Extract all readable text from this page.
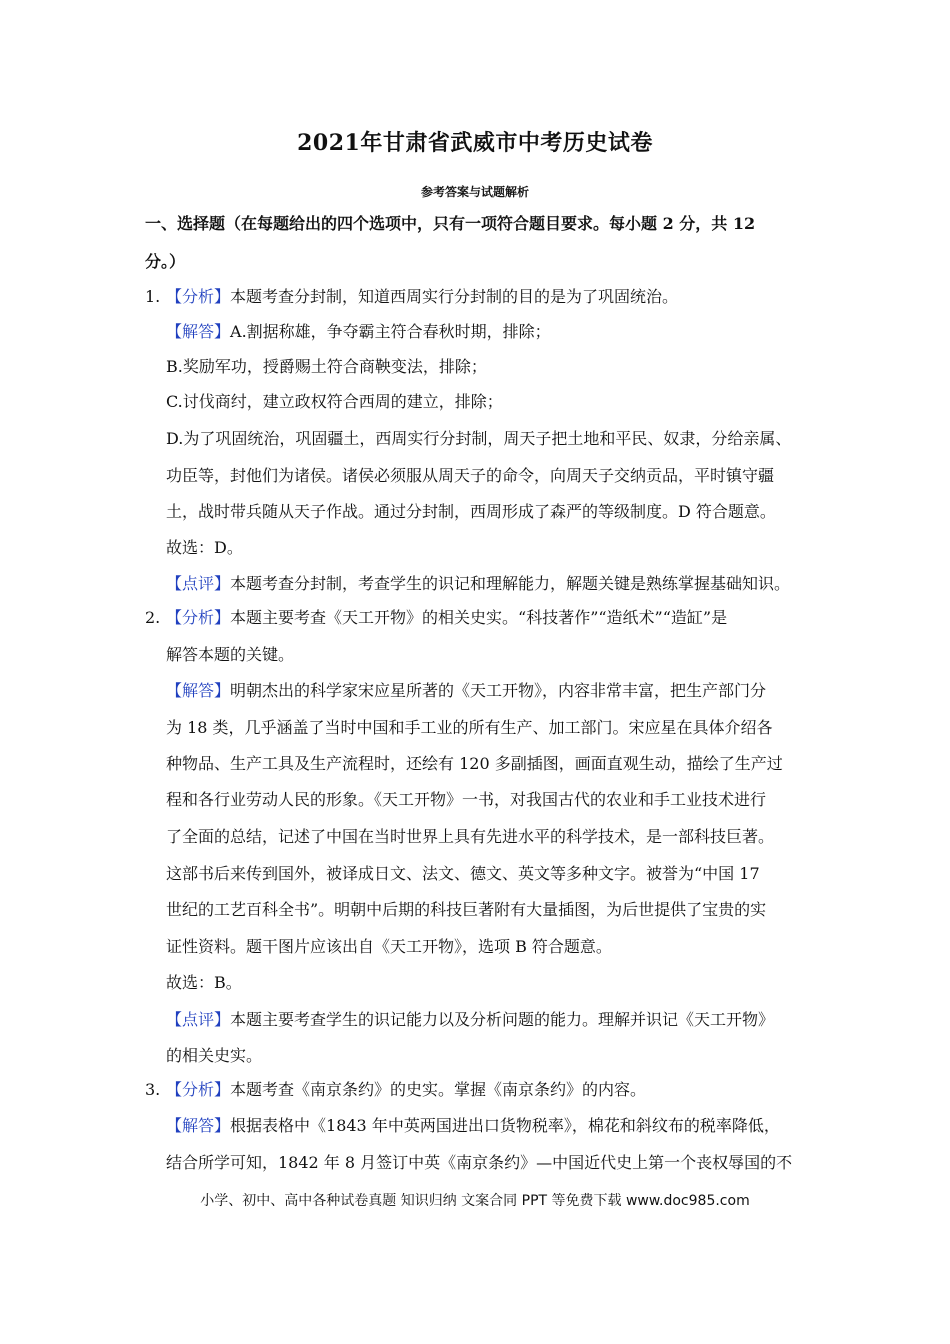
2021年甘肃省武威市中考历史试卷
参考答案与试题解析
一、选择题（在每题给出的四个选项中，只有一项符合题目要求。每小题 2 分，共 12
分。）
1. 【分析】本题考查分封制，知道西周实行分封制的目的是为了巩固统治。
【解答】A.割据称雄，争夺霸主符合春秋时期，排除；
B.奖励军功，授爵赐土符合商鞅变法，排除；
C.讨伐商纣，建立政权符合西周的建立，排除；
D.为了巩固统治，巩固疆土，西周实行分封制，周天子把土地和平民、奴隶，分给亲属、
功臣等，封他们为诸侯。诸侯必须服从周天子的命令，向周天子交纳贡品，平时镇守疆
土，战时带兵随从天子作战。通过分封制，西周形成了森严的等级制度。D 符合题意。
故选：D。
【点评】本题考查分封制，考查学生的识记和理解能力，解题关键是熟练掌握基础知识。
2. 【分析】本题主要考查《天工开物》的相关史实。“科技著作”“造纸术”“造缸”是
解答本题的关键。
【解答】明朝杰出的科学家宋应星所著的《天工开物》，内容非常丰富，把生产部门分
为 18 类，几乎涵盖了当时中国和手工业的所有生产、加工部门。宋应星在具体介绍各
种物品、生产工具及生产流程时，还绘有 120 多副插图，画面直观生动，描绘了生产过
程和各行业劳动人民的形象。《天工开物》一书，对我国古代的农业和手工业技术进行
了全面的总结，记述了中国在当时世界上具有先进水平的科学技术，是一部科技巨著。
这部书后来传到国外，被译成日文、法文、德文、英文等多种文字。被誉为“中国 17
世纪的工艺百科全书”。明朝中后期的科技巨著附有大量插图，为后世提供了宝贵的实
证性资料。题干图片应该出自《天工开物》，选项 B 符合题意。
故选：B。
【点评】本题主要考查学生的识记能力以及分析问题的能力。理解并识记《天工开物》
的相关史实。
3. 【分析】本题考查《南京条约》的史实。掌握《南京条约》的内容。
【解答】根据表格中《1843 年中英两国进出口货物税率》，棉花和斜纹布的税率降低，
结合所学可知，1842 年 8 月签订中英《南京条约》—中国近代史上第一个丧权辱国的不
小学、初中、高中各种试卷真题 知识归纳 文案合同 PPT 等免费下载 www.doc985.com
